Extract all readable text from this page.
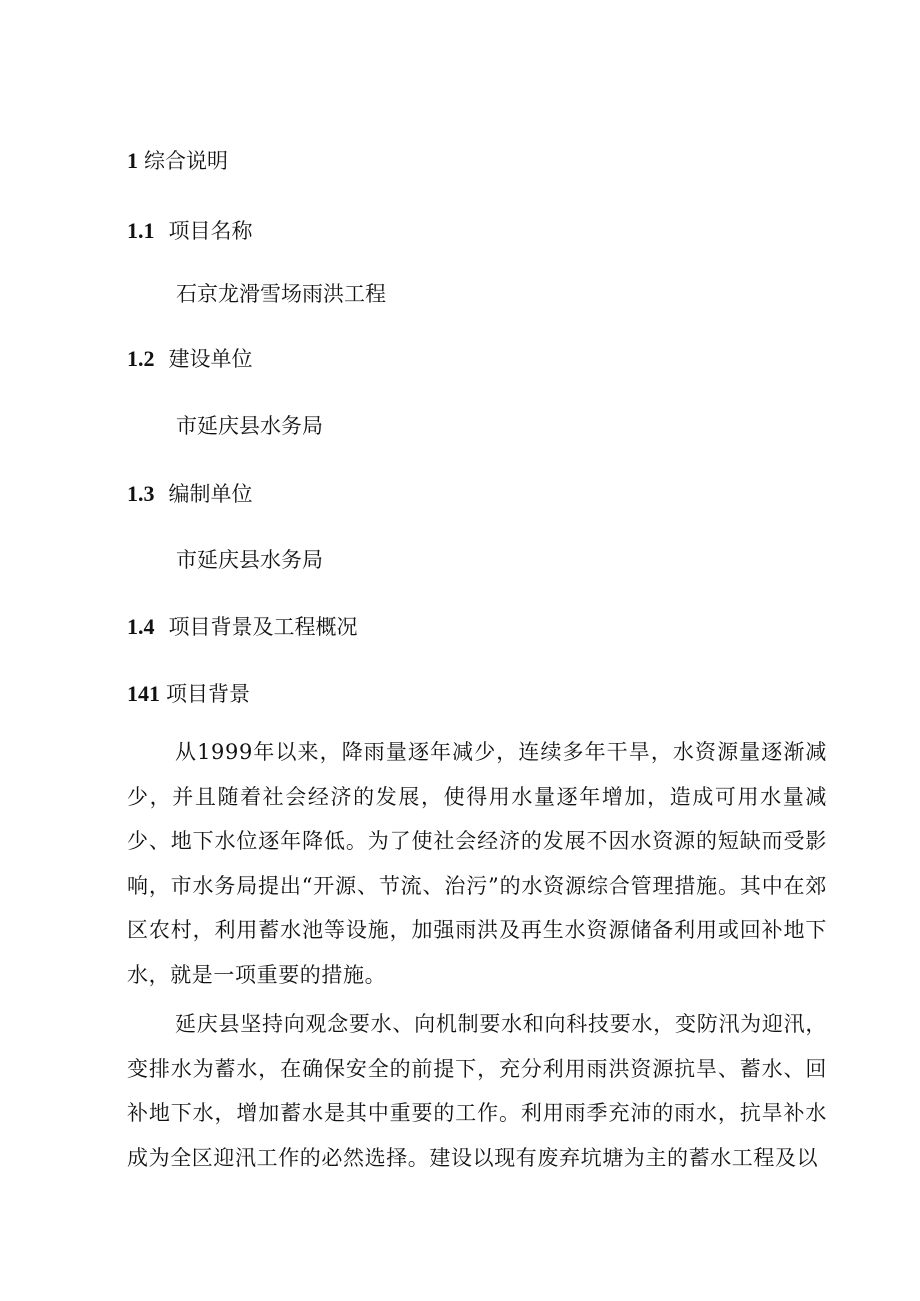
1 综合说明
1.1 项目名称
石京龙滑雪场雨洪工程
1.2 建设单位
市延庆县水务局
1.3 编制单位
市延庆县水务局
1.4 项目背景及工程概况
141 项目背景

从1999年以来，降雨量逐年减少，连续多年干旱，水资源量逐渐减少，并且随着社会经济的发展，使得用水量逐年增加，造成可用水量减少、地下水位逐年降低。为了使社会经济的发展不因水资源的短缺而受影响，市水务局提出“开源、节流、治污”的水资源综合管理措施。其中在郊区农村，利用蓄水池等设施，加强雨洪及再生水资源储备利用或回补地下水，就是一项重要的措施。

延庆县坚持向观念要水、向机制要水和向科技要水，变防汛为迎汛，变排水为蓄水，在确保安全的前提下，充分利用雨洪资源抗旱、蓄水、回补地下水，增加蓄水是其中重要的工作。利用雨季充沛的雨水，抗旱补水成为全区迎汛工作的必然选择。建设以现有废弃坑塘为主的蓄水工程及以
